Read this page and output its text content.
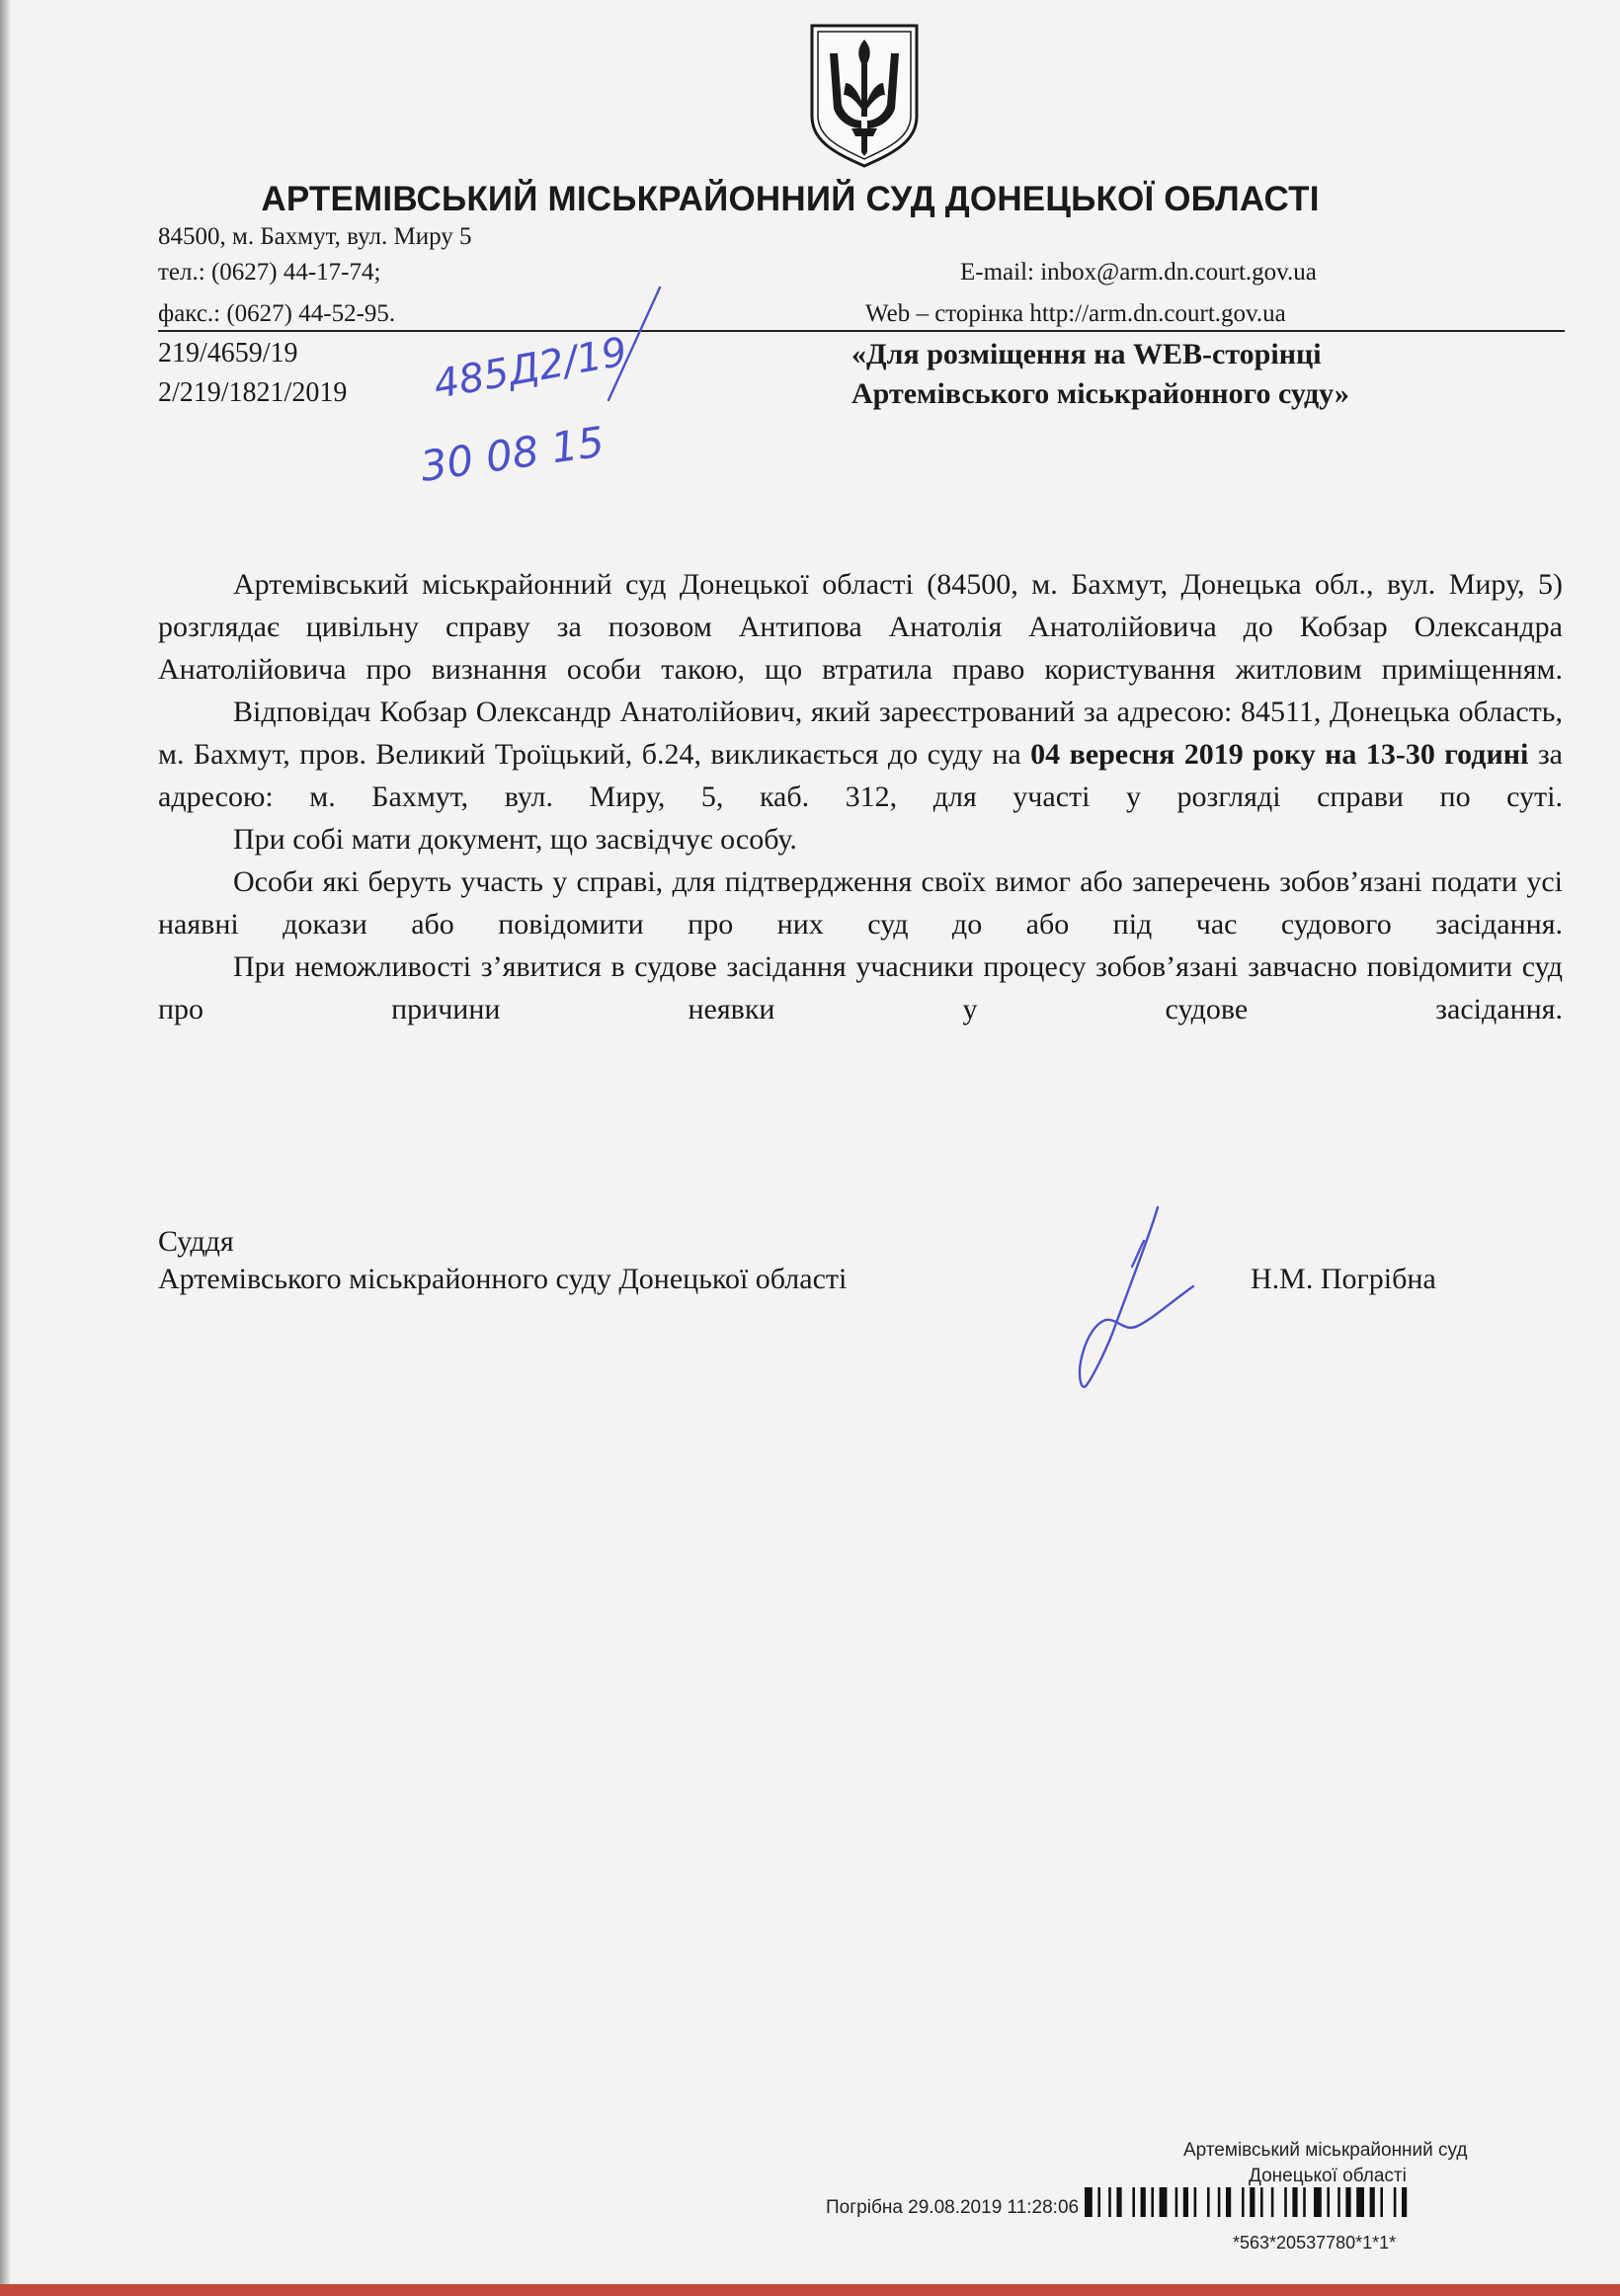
АРТЕМІВСЬКИЙ МІСЬКРАЙОННИЙ СУД ДОНЕЦЬКОЇ ОБЛАСТІ
84500, м. Бахмут, вул. Миру 5
тел.: (0627) 44-17-74;	E-mail: inbox@arm.dn.court.gov.ua
факс.: (0627) 44-52-95.	Web – сторінка http://arm.dn.court.gov.ua
219/4659/19
2/219/1821/2019
«Для розміщення на WEB-сторінці
Артемівського міськрайонного суду»
485Д2/19
30 08 15

Артемівський міськрайонний суд Донецької області (84500, м. Бахмут, Донецька обл., вул. Миру, 5) розглядає цивільну справу за позовом Антипова Анатолія Анатолійовича до Кобзар Олександра Анатолійовича про визнання особи такою, що втратила право користування житловим приміщенням.

Відповідач Кобзар Олександр Анатолійович, який зареєстрований за адресою: 84511, Донецька область, м. Бахмут, пров. Великий Троїцький, б.24, викликається до суду на 04 вересня 2019 року на 13-30 годині за адресою: м. Бахмут, вул. Миру, 5, каб. 312, для участі у розгляді справи по суті.

При собі мати документ, що засвідчує особу.

Особи які беруть участь у справі, для підтвердження своїх вимог або заперечень зобов’язані подати усі наявні докази або повідомити про них суд до або під час судового засідання.

При неможливості з’явитися в судове засідання учасники процесу зобов’язані завчасно повідомити суд про причини неявки у судове засідання.

Суддя
Артемівського міськрайонного суду Донецької області	Н.М. Погрібна
Артемівський міськрайонний суд
Донецької області
Погрібна 29.08.2019 11:28:06
*563*20537780*1*1*
